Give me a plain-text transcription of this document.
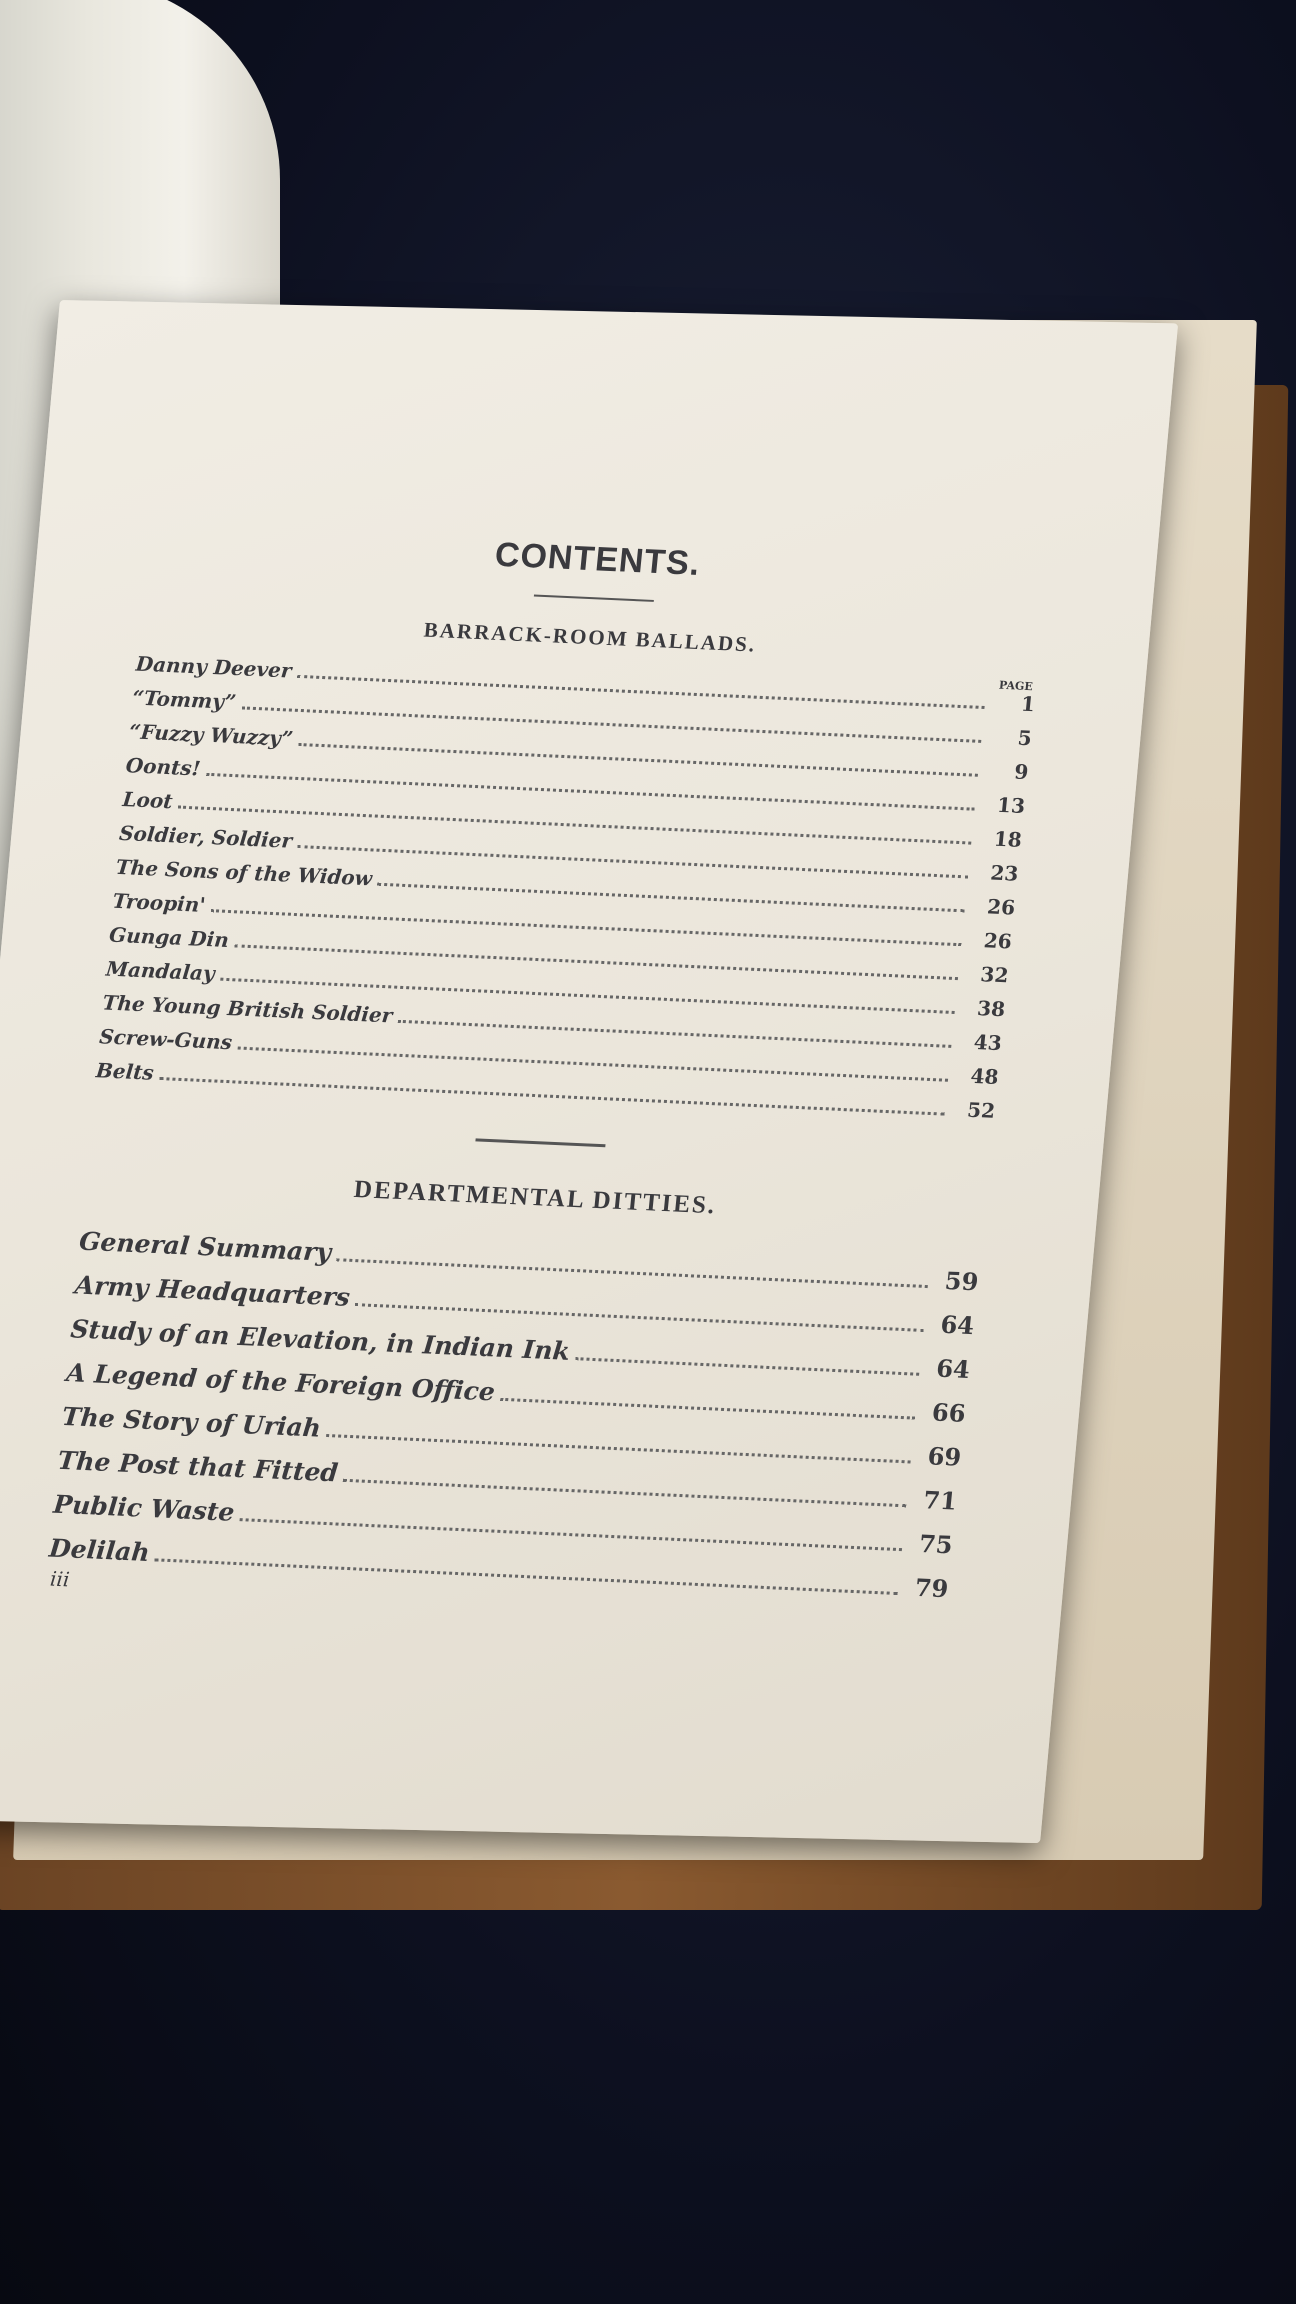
CONTENTS.
BARRACK-ROOM BALLADS.
PAGE
Danny Deever
1
“Tommy”
5
“Fuzzy Wuzzy”
9
Oonts!
13
Loot
18
Soldier, Soldier
23
The Sons of the Widow
26
Troopin'
26
Gunga Din
32
Mandalay
38
The Young British Soldier
43
Screw-Guns
48
Belts
52
DEPARTMENTAL DITTIES.
General Summary
59
Army Headquarters
64
Study of an Elevation, in Indian Ink
64
A Legend of the Foreign Office
66
The Story of Uriah
69
The Post that Fitted
71
Public Waste
75
Delilah
79
iii
